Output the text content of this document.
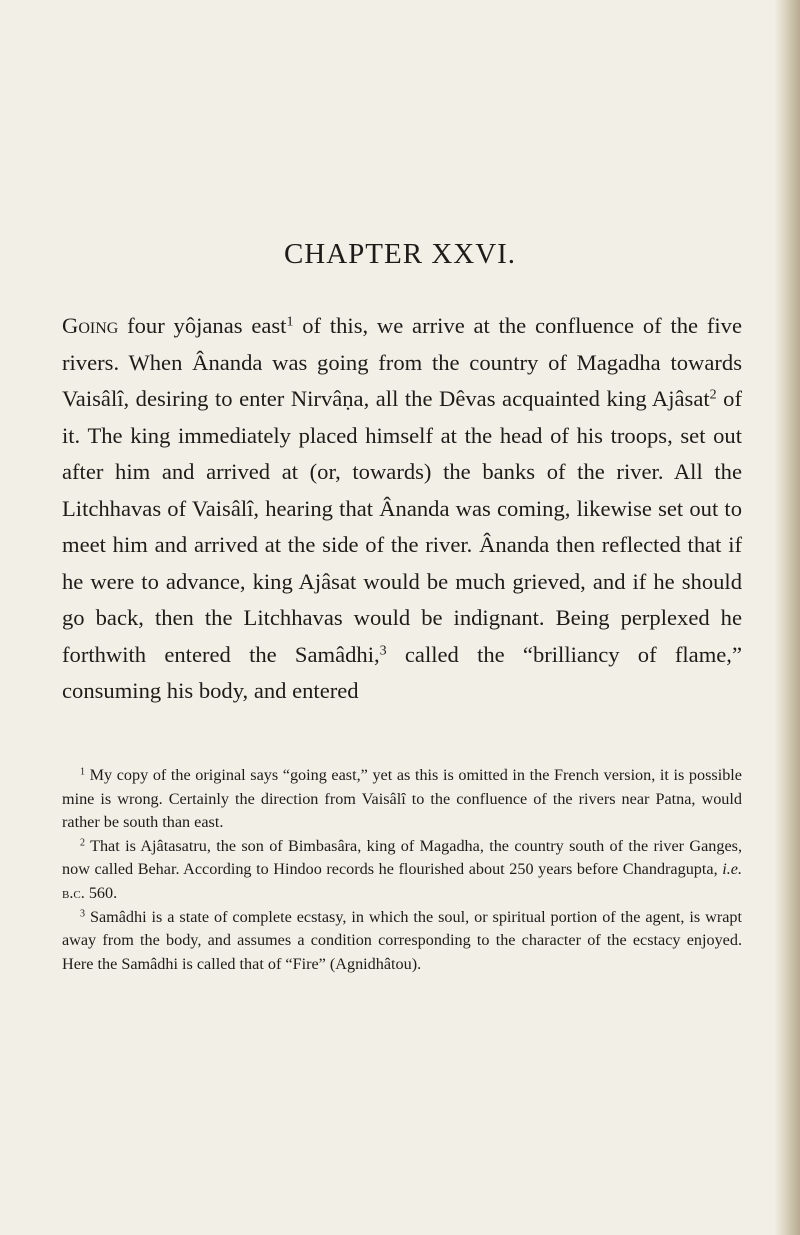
CHAPTER XXVI.

Going four yôjanas east$^1$ of this, we arrive at the confluence of the five rivers. When Ânanda was going from the country of Magadha towards Vaisâlî, desiring to enter Nirvâṇa, all the Dêvas acquainted king Ajâsat$^2$ of it. The king immediately placed himself at the head of his troops, set out after him and arrived at (or, towards) the banks of the river. All the Litchhavas of Vaisâlî, hearing that Ânanda was coming, likewise set out to meet him and arrived at the side of the river. Ânanda then reflected that if he were to advance, king Ajâsat would be much grieved, and if he should go back, then the Litchhavas would be indignant. Being perplexed he forthwith entered the Samâdhi,$^3$ called the “brilliancy of flame,” consuming his body, and entered

$^1$ My copy of the original says “going east,” yet as this is omitted in the French version, it is possible mine is wrong. Certainly the direction from Vaisâlî to the confluence of the rivers near Patna, would rather be south than east.

$^2$ That is Ajâtasatru, the son of Bimbasâra, king of Magadha, the country south of the river Ganges, now called Behar. According to Hindoo records he flourished about 250 years before Chandragupta, i.e. b.c. 560.

$^3$ Samâdhi is a state of complete ecstasy, in which the soul, or spiritual portion of the agent, is wrapt away from the body, and assumes a condition corresponding to the character of the ecstacy enjoyed. Here the Samâdhi is called that of “Fire” (Agnidhâtou).
